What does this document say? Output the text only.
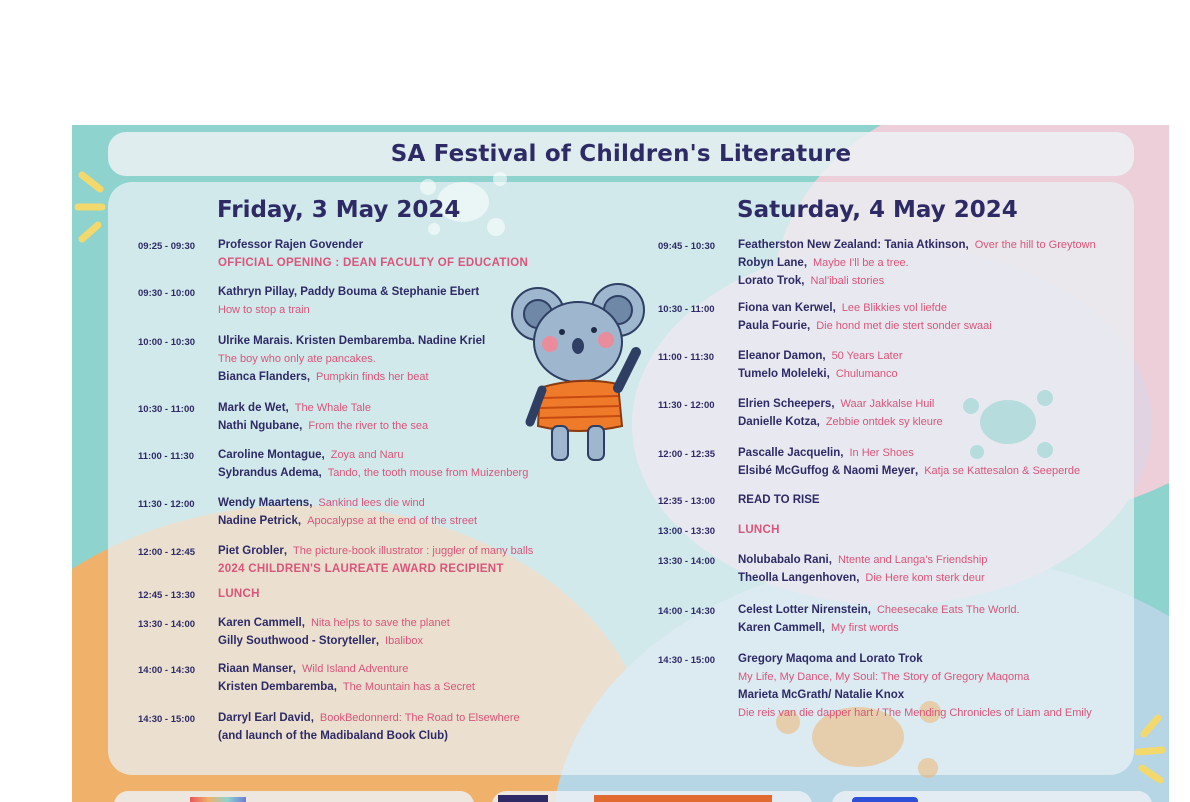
SA Festival of Children's Literature
Friday, 3 May 2024	Saturday, 4 May 2024
09:25 - 09:30	Professor Rajen Govender
OFFICIAL OPENING : DEAN FACULTY OF EDUCATION
09:30 - 10:00	Kathryn Pillay, Paddy Bouma & Stephanie Ebert
How to stop a train
10:00 - 10:30	Ulrike Marais. Kristen Dembaremba. Nadine Kriel
The boy who only ate pancakes.
Bianca Flanders , Pumpkin finds her beat
10:30 - 11:00	Mark de Wet , The Whale Tale
Nathi Ngubane , From the river to the sea
11:00 - 11:30	Caroline Montague , Zoya and Naru
Sybrandus Adema , Tando, the tooth mouse from Muizenberg
11:30 - 12:00	Wendy Maartens , Sankind lees die wind
Nadine Petrick , Apocalypse at the end of the street
12:00 - 12:45	Piet Grobler , The picture-book illustrator : juggler of many balls
2024 CHILDREN'S LAUREATE AWARD RECIPIENT
12:45 - 13:30	LUNCH
13:30 - 14:00	Karen Cammell , Nita helps to save the planet
Gilly Southwood - Storyteller , Ibalibox
14:00 - 14:30	Riaan Manser , Wild Island Adventure
Kristen Dembaremba , The Mountain has a Secret
14:30 - 15:00	Darryl Earl David , BookBedonnerd: The Road to Elsewhere
(and launch of the Madibaland Book Club)
09:45 - 10:30	Featherston New Zealand: Tania Atkinson , Over the hill to Greytown
Robyn Lane , Maybe I'll be a tree.
Lorato Trok , Nal'ibali stories
10:30 - 11:00	Fiona van Kerwel , Lee Blikkies vol liefde
Paula Fourie , Die hond met die stert sonder swaai
11:00 - 11:30	Eleanor Damon , 50 Years Later
Tumelo Moleleki , Chulumanco
11:30 - 12:00	Elrien Scheepers , Waar Jakkalse Huil
Danielle Kotza , Zebbie ontdek sy kleure
12:00 - 12:35	Pascalle Jacquelin , In Her Shoes
Elsibé McGuffog & Naomi Meyer , Katja se Kattesalon & Seeperde
12:35 - 13:00	READ TO RISE
13:00 - 13:30	LUNCH
13:30 - 14:00	Nolubabalo Rani , Ntente and Langa's Friendship
Theolla Langenhoven , Die Here kom sterk deur
14:00 - 14:30	Celest Lotter Nirenstein , Cheesecake Eats The World.
Karen Cammell , My first words
14:30 - 15:00	Gregory Maqoma and Lorato Trok
My Life, My Dance, My Soul: The Story of Gregory Maqoma
Marieta McGrath/ Natalie Knox
Die reis van die dapper hart / The Mending Chronicles of Liam and Emily
